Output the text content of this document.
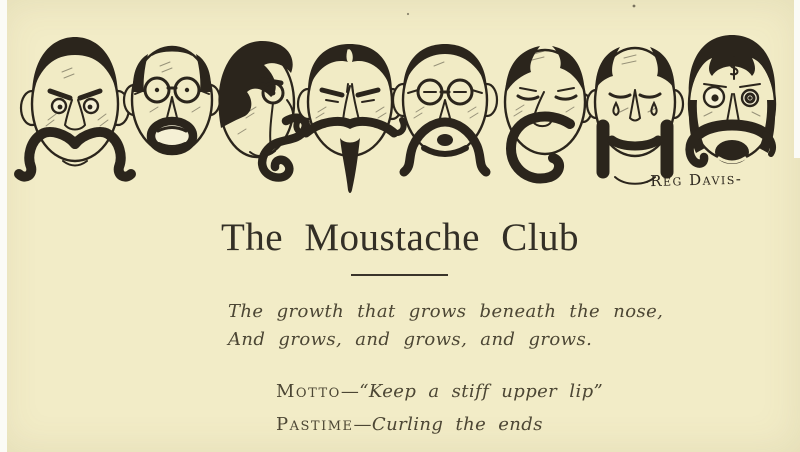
-Reg Davis-
The Moustache Club

The growth that grows beneath the nose,

And grows, and grows, and grows.

Motto—“Keep a stiff upper lip”

Pastime—Curling the ends
